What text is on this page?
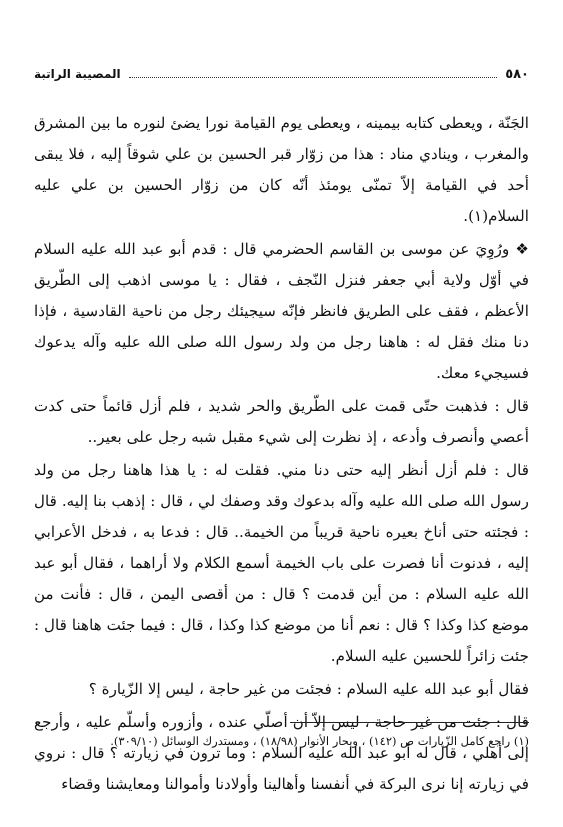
٥٨٠
المصيبة الراتبة

الجَنّة ، ويعطى كتابه بيمينه ، ويعطى يوم القيامة نورا يضئ لنوره ما بين المشرق والمغرب ، وينادي مناد : هذا من زوّار قبر الحسين بن علي شوقاً إليه ، فلا يبقى أحد في القيامة إلاّ تمنّى يومئذ أنّه كان من زوّار الحسين بن علي عليه السلام(١).

❖ ورُوِيَ عن موسى بن القاسم الحضرمي قال : قدم أبو عبد الله عليه السلام في أوّل ولاية أبي جعفر فنزل النّجف ، فقال : يا موسى اذهب إلى الطّريق الأعظم ، فقف على الطريق فانظر فإنّه سيجيئك رجل من ناحية القادسية ، فإذا دنا منك فقل له : هاهنا رجل من ولد رسول الله صلى الله عليه وآله يدعوك فسيجيء معك.

قال : فذهبت حتّى قمت على الطّريق والحر شديد ، فلم أزل قائماً حتى كدت أعصي وأنصرف وأدعه ، إذ نظرت إلى شيء مقبل شبه رجل على بعير..

قال : فلم أزل أنظر إليه حتى دنا مني. فقلت له : يا هذا هاهنا رجل من ولد رسول الله صلى الله عليه وآله بدعوك وقد وصفك لي ، قال : إذهب بنا إليه. قال : فجئته حتى أناخ بعيره ناحية قريباً من الخيمة.. قال : فدعا به ، فدخل الأعرابي إليه ، فدنوت أنا فصرت على باب الخيمة أسمع الكلام ولا أراهما ، فقال أبو عبد الله عليه السلام : من أين قدمت ؟ قال : من أقصى اليمن ، قال : فأنت من موضع كذا وكذا ؟ قال : نعم أنا من موضع كذا وكذا ، قال : فيما جئت هاهنا قال : جئت زائراً للحسين عليه السلام.

فقال أبو عبد الله عليه السلام : فجئت من غير حاجة ، ليس إلا الزّيارة ؟

قال : جئت من غير حاجة ، ليس إلاّ أن أصلّي عنده ، وأزوره وأسلّم عليه ، وأرجع إلى أهلي ، قال له أبو عبد الله عليه السلام : وما ترون في زيارته ؟ قال : نروي في زيارته إنا نرى البركة في أنفسنا وأهالينا وأولادنا وأموالنا ومعايشنا وقضاء

(١) راجع كامل الزّيارات ص (١٤٢) ، وبحار الأنوار (١٨/٩٨) ، ومستدرك الوسائل (٣٠٩/١٠).
